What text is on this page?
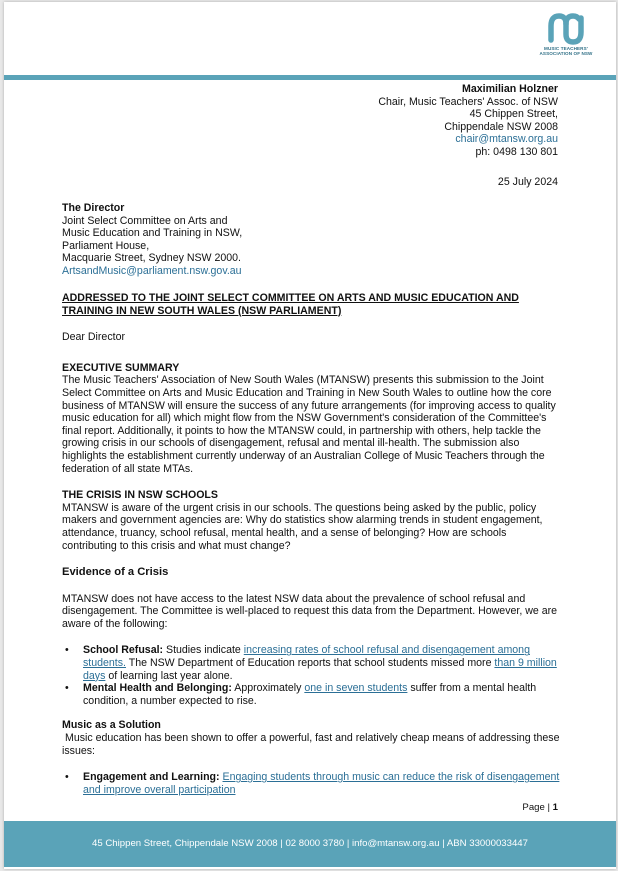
MUSIC TEACHERS'
ASSOCIATION OF NSW
Maximilian Holzner
Chair, Music Teachers' Assoc. of NSW
45 Chippen Street,
Chippendale NSW 2008
chair@mtansw.org.au
ph: 0498 130 801
25 July 2024
The Director
Joint Select Committee on Arts and
Music Education and Training in NSW,
Parliament House,
Macquarie Street, Sydney NSW 2000.
ArtsandMusic@parliament.nsw.gov.au

ADDRESSED TO THE JOINT SELECT COMMITTEE ON ARTS AND MUSIC EDUCATION AND TRAINING IN NEW SOUTH WALES (NSW PARLIAMENT)

Dear Director

EXECUTIVE SUMMARY

The Music Teachers' Association of New South Wales (MTANSW) presents this submission to the Joint Select Committee on Arts and Music Education and Training in New South Wales to outline how the core business of MTANSW will ensure the success of any future arrangements (for improving access to quality music education for all) which might flow from the NSW Government's consideration of the Committee's final report. Additionally, it points to how the MTANSW could, in partnership with others, help tackle the growing crisis in our schools of disengagement, refusal and mental ill-health. The submission also highlights the establishment currently underway of an Australian College of Music Teachers through the federation of all state MTAs.

THE CRISIS IN NSW SCHOOLS

MTANSW is aware of the urgent crisis in our schools. The questions being asked by the public, policy makers and government agencies are: Why do statistics show alarming trends in student engagement, attendance, truancy, school refusal, mental health, and a sense of belonging? How are schools contributing to this crisis and what must change?

Evidence of a Crisis

MTANSW does not have access to the latest NSW data about the prevalence of school refusal and disengagement. The Committee is well-placed to request this data from the Department. However, we are aware of the following:

• School Refusal: Studies indicate increasing rates of school refusal and disengagement among students. The NSW Department of Education reports that school students missed more than 9 million days of learning last year alone.
• Mental Health and Belonging: Approximately one in seven students suffer from a mental health condition, a number expected to rise.

Music as a Solution

Music education has been shown to offer a powerful, fast and relatively cheap means of addressing these issues:

• Engagement and Learning: Engaging students through music can reduce the risk of disengagement and improve overall participation
Page | 1
45 Chippen Street, Chippendale NSW 2008 | 02 8000 3780 | info@mtansw.org.au | ABN 33000033447
